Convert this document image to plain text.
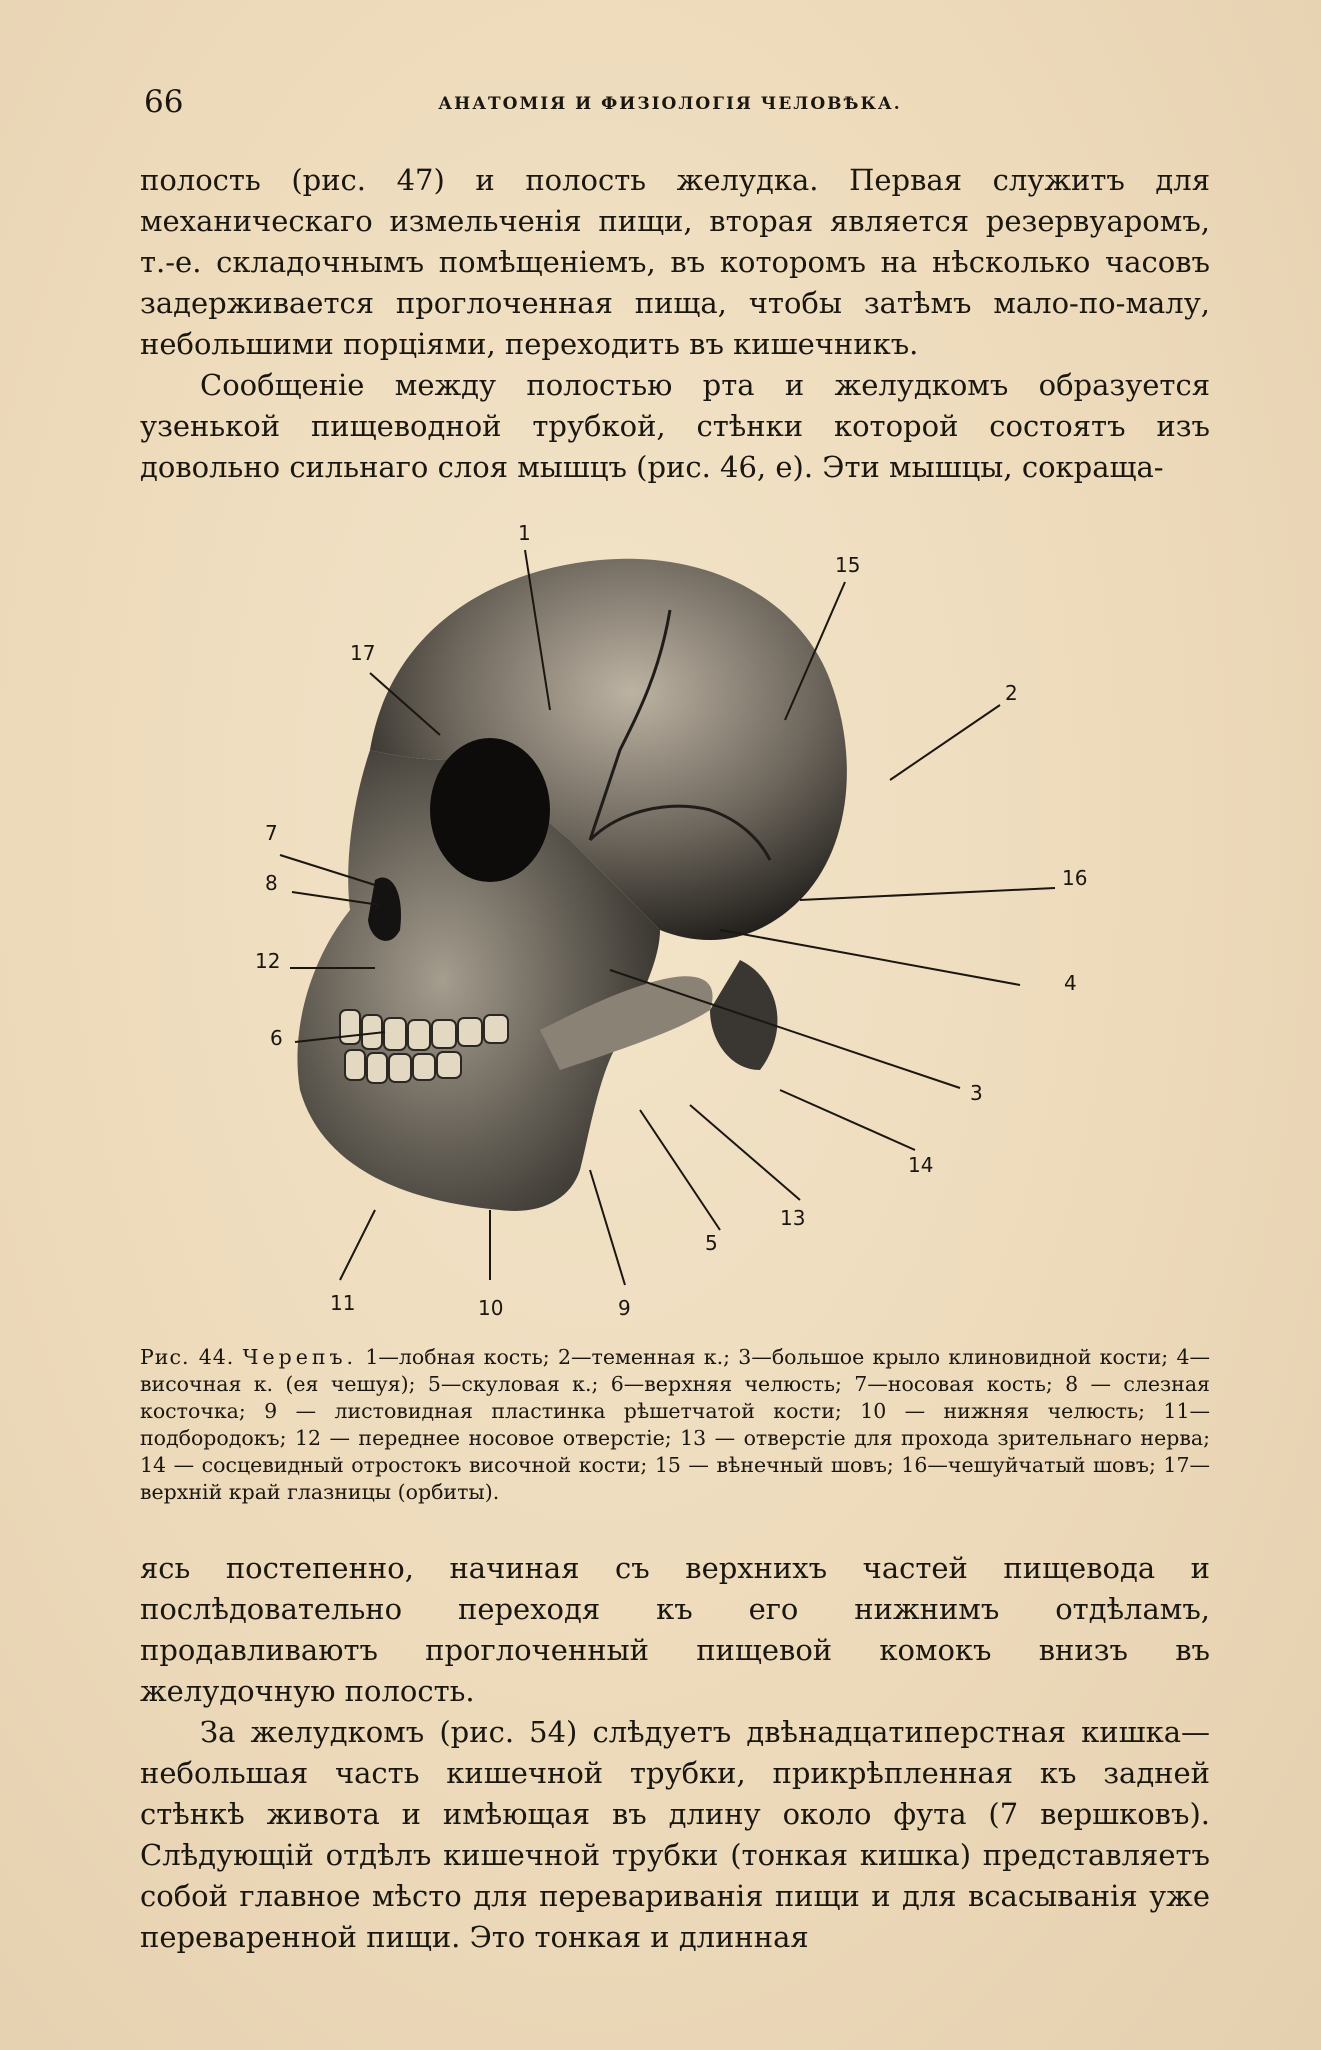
66	АНАТОМІЯ И ФИЗІОЛОГІЯ ЧЕЛОВѢКА.

полость (рис. 47) и полость желудка. Первая служитъ для механическаго измельченія пищи, вторая является резервуаромъ, т.-е. складочнымъ помѣщеніемъ, въ которомъ на нѣсколько часовъ задерживается проглоченная пища, чтобы затѣмъ мало-по-малу, небольшими порціями, переходить въ кишечникъ.

Сообщеніе между полостью рта и желудкомъ образуется узенькой пищеводной трубкой, стѣнки которой состоятъ изъ довольно сильнаго слоя мышцъ (рис. 46, е). Эти мышцы, сокраща-

1
15
17
2
7
8	16
12
4
6
3
14
13
5
11	10	9
Рис. 44. Черепъ. 1—лобная кость; 2—теменная к.; 3—большое крыло клиновидной кости; 4—височная к. (ея чешуя); 5—скуловая к.; 6—верхняя челюсть; 7—носовая кость; 8 — слезная косточка; 9 — листовидная пластинка рѣшетчатой кости; 10 — нижняя челюсть; 11—подбородокъ; 12 — переднее носовое отверстіе; 13 — отверстіе для прохода зрительнаго нерва; 14 — сосцевидный отростокъ височной кости; 15 — вѣнечный шовъ; 16—чешуйчатый шовъ; 17—верхній край глазницы (орбиты).

ясь постепенно, начиная съ верхнихъ частей пищевода и послѣдовательно переходя къ его нижнимъ отдѣламъ, продавливаютъ проглоченный пищевой комокъ внизъ въ желудочную полость.

За желудкомъ (рис. 54) слѣдуетъ двѣнадцатиперстная кишка—небольшая часть кишечной трубки, прикрѣпленная къ задней стѣнкѣ живота и имѣющая въ длину около фута (7 вершковъ). Слѣдующій отдѣлъ кишечной трубки (тонкая кишка) представляетъ собой главное мѣсто для перевариванія пищи и для всасыванія уже переваренной пищи. Это тонкая и длинная
